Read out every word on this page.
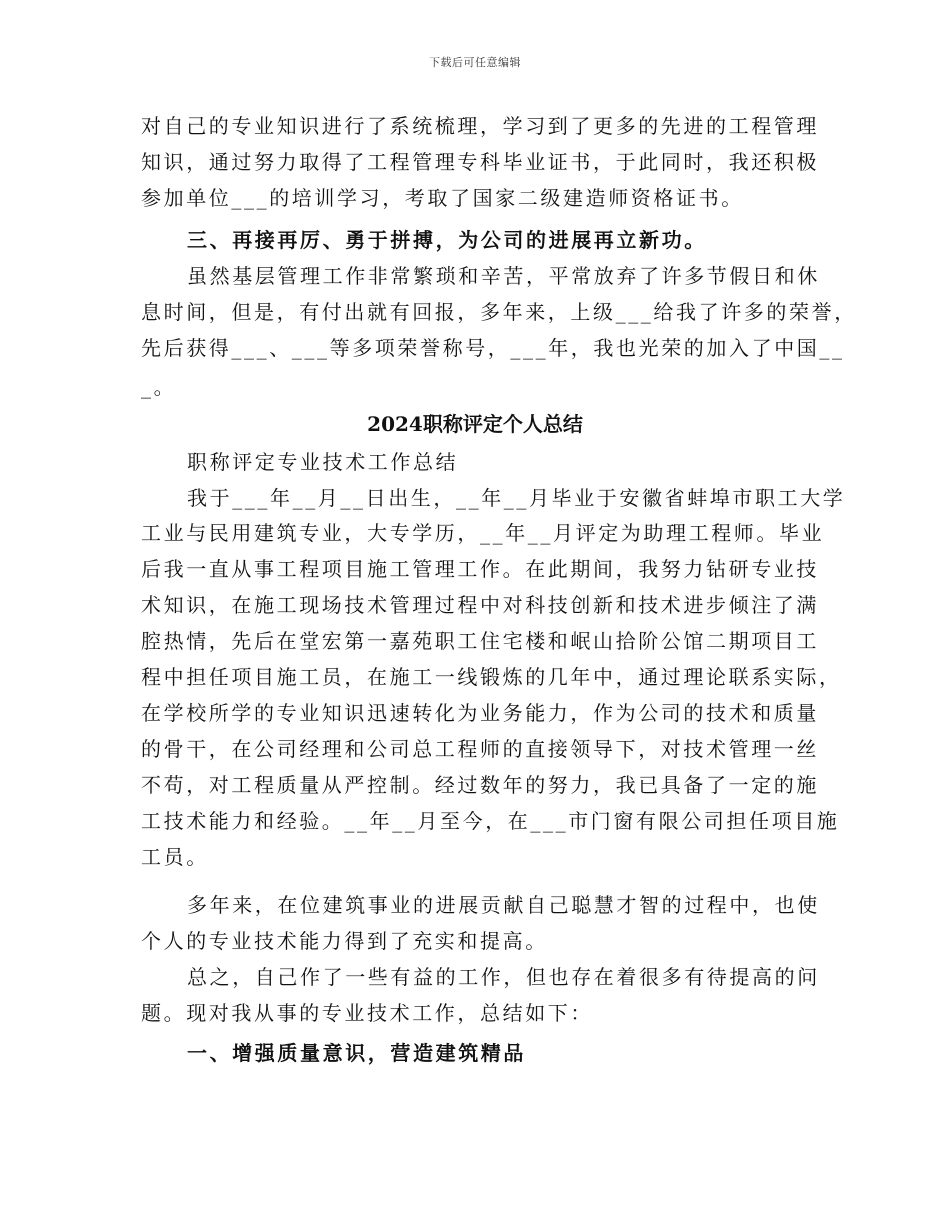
下载后可任意编辑
对自己的专业知识进行了系统梳理，学习到了更多的先进的工程管理
知识，通过努力取得了工程管理专科毕业证书，于此同时，我还积极
参加单位___的培训学习，考取了国家二级建造师资格证书。
三、再接再厉、勇于拼搏，为公司的进展再立新功。
虽然基层管理工作非常繁琐和辛苦，平常放弃了许多节假日和休
息时间，但是，有付出就有回报，多年来，上级___给我了许多的荣誉，
先后获得___、___等多项荣誉称号，___年，我也光荣的加入了中国__
_。
2024职称评定个人总结
职称评定专业技术工作总结
我于___年__月__日出生，__年__月毕业于安徽省蚌埠市职工大学
工业与民用建筑专业，大专学历，__年__月评定为助理工程师。毕业
后我一直从事工程项目施工管理工作。在此期间，我努力钻研专业技
术知识，在施工现场技术管理过程中对科技创新和技术进步倾注了满
腔热情，先后在堂宏第一嘉苑职工住宅楼和岷山拾阶公馆二期项目工
程中担任项目施工员，在施工一线锻炼的几年中，通过理论联系实际，
在学校所学的专业知识迅速转化为业务能力，作为公司的技术和质量
的骨干，在公司经理和公司总工程师的直接领导下，对技术管理一丝
不苟，对工程质量从严控制。经过数年的努力，我已具备了一定的施
工技术能力和经验。__年__月至今，在___市门窗有限公司担任项目施
工员。
多年来，在位建筑事业的进展贡献自己聪慧才智的过程中，也使
个人的专业技术能力得到了充实和提高。
总之，自己作了一些有益的工作，但也存在着很多有待提高的问
题。现对我从事的专业技术工作，总结如下：
一、增强质量意识，营造建筑精品
